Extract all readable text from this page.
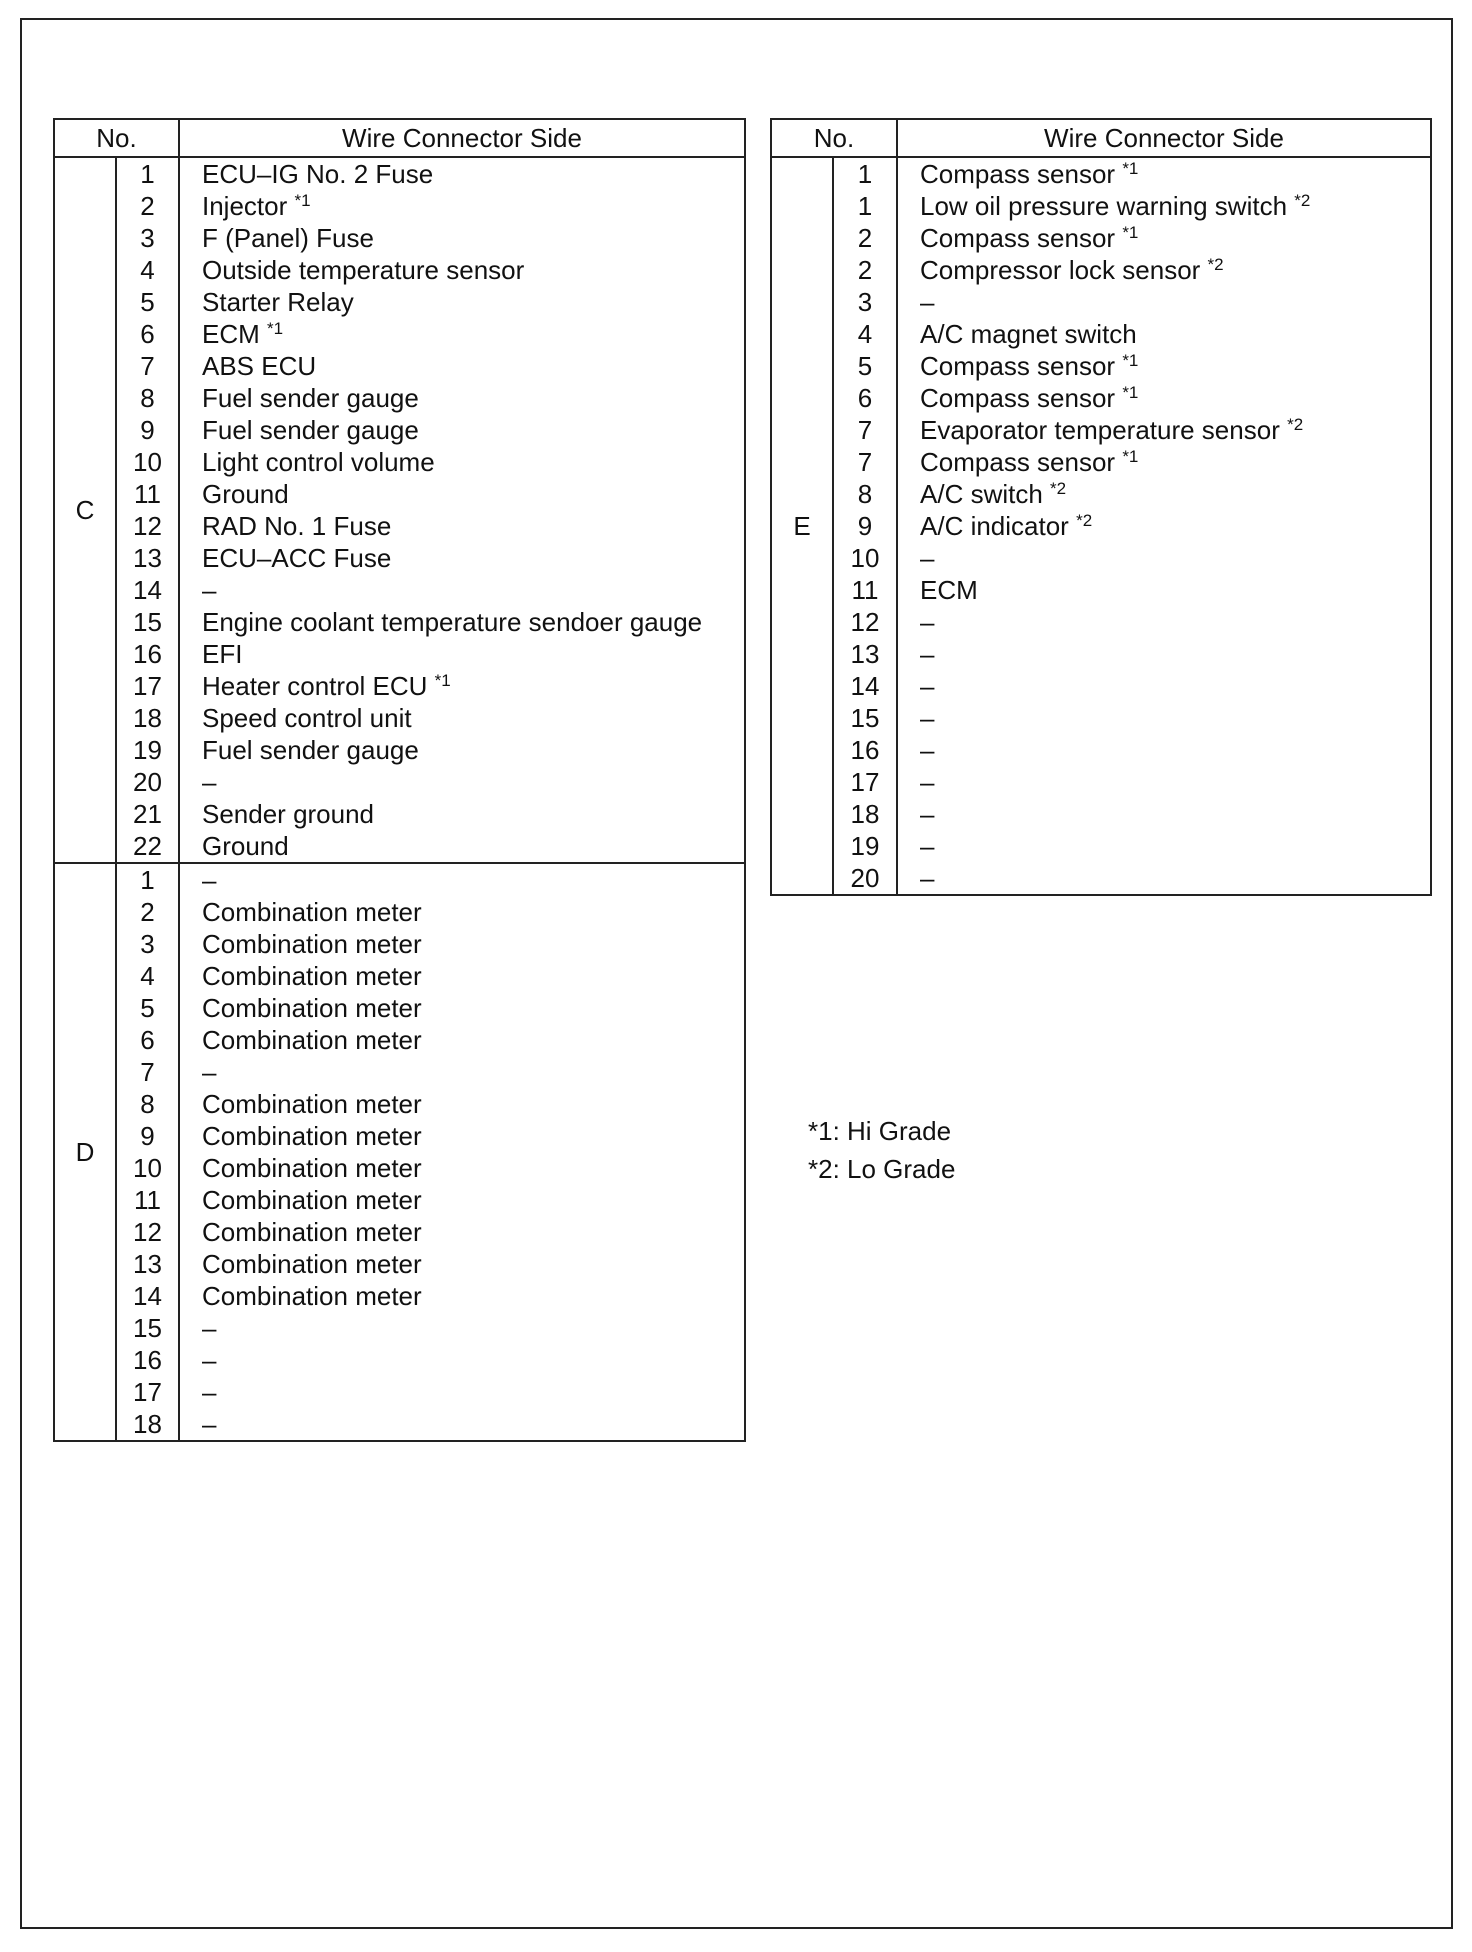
No.		Wire Connector Side
C	1	ECU–IG No. 2 Fuse
	2	Injector $^{*1}$
	3	F (Panel) Fuse
	4	Outside temperature sensor
	5	Starter Relay
	6	ECM $^{*1}$
	7	ABS ECU
	8	Fuel sender gauge
	9	Fuel sender gauge
	10	Light control volume
	11	Ground
	12	RAD No. 1 Fuse
	13	ECU–ACC Fuse
	14	–
	15	Engine coolant temperature sendoer gauge
	16	EFI
	17	Heater control ECU $^{*1}$
	18	Speed control unit
	19	Fuel sender gauge
	20	–
	21	Sender ground
	22	Ground
D	1	–
	2	Combination meter
	3	Combination meter
	4	Combination meter
	5	Combination meter
	6	Combination meter
	7	–
	8	Combination meter
	9	Combination meter
	10	Combination meter
	11	Combination meter
	12	Combination meter
	13	Combination meter
	14	Combination meter
	15	–
	16	–
	17	–
	18	–
No.		Wire Connector Side
E	1	Compass sensor $^{*1}$
	1	Low oil pressure warning switch $^{*2}$
	2	Compass sensor $^{*1}$
	2	Compressor lock sensor $^{*2}$
	3	–
	4	A/C magnet switch
	5	Compass sensor $^{*1}$
	6	Compass sensor $^{*1}$
	7	Evaporator temperature sensor $^{*2}$
	7	Compass sensor $^{*1}$
	8	A/C switch $^{*2}$
	9	A/C indicator $^{*2}$
	10	–
	11	ECM
	12	–
	13	–
	14	–
	15	–
	16	–
	17	–
	18	–
	19	–
	20	–
*1: Hi Grade
*2: Lo Grade
